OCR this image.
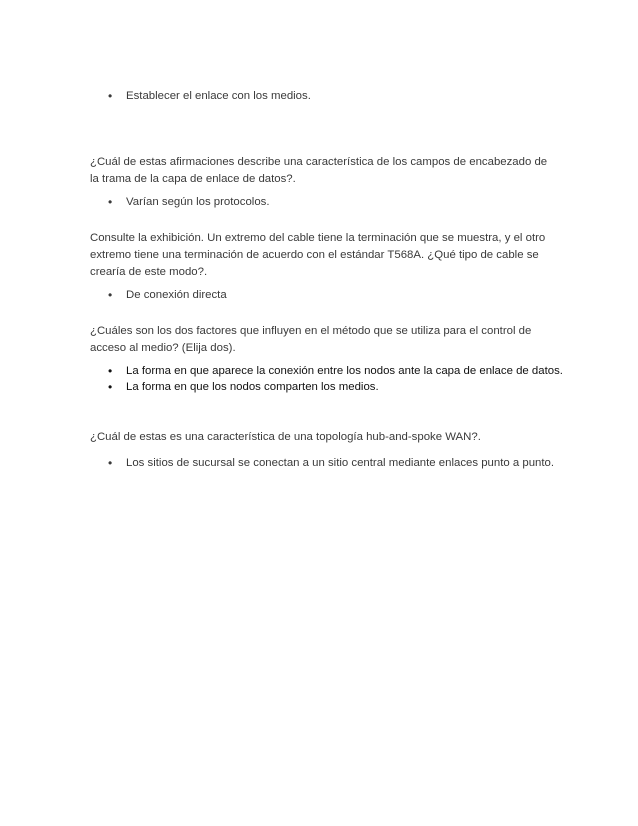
• Establecer el enlace con los medios.

¿Cuál de estas afirmaciones describe una característica de los campos de encabezado de la trama de la capa de enlace de datos?.

• Varían según los protocolos.

Consulte la exhibición. Un extremo del cable tiene la terminación que se muestra, y el otro extremo tiene una terminación de acuerdo con el estándar T568A. ¿Qué tipo de cable se crearía de este modo?.

• De conexión directa

¿Cuáles son los dos factores que influyen en el método que se utiliza para el control de acceso al medio? (Elija dos).

• La forma en que aparece la conexión entre los nodos ante la capa de enlace de datos.
• La forma en que los nodos comparten los medios.

¿Cuál de estas es una característica de una topología hub-and-spoke WAN?.

• Los sitios de sucursal se conectan a un sitio central mediante enlaces punto a punto.
